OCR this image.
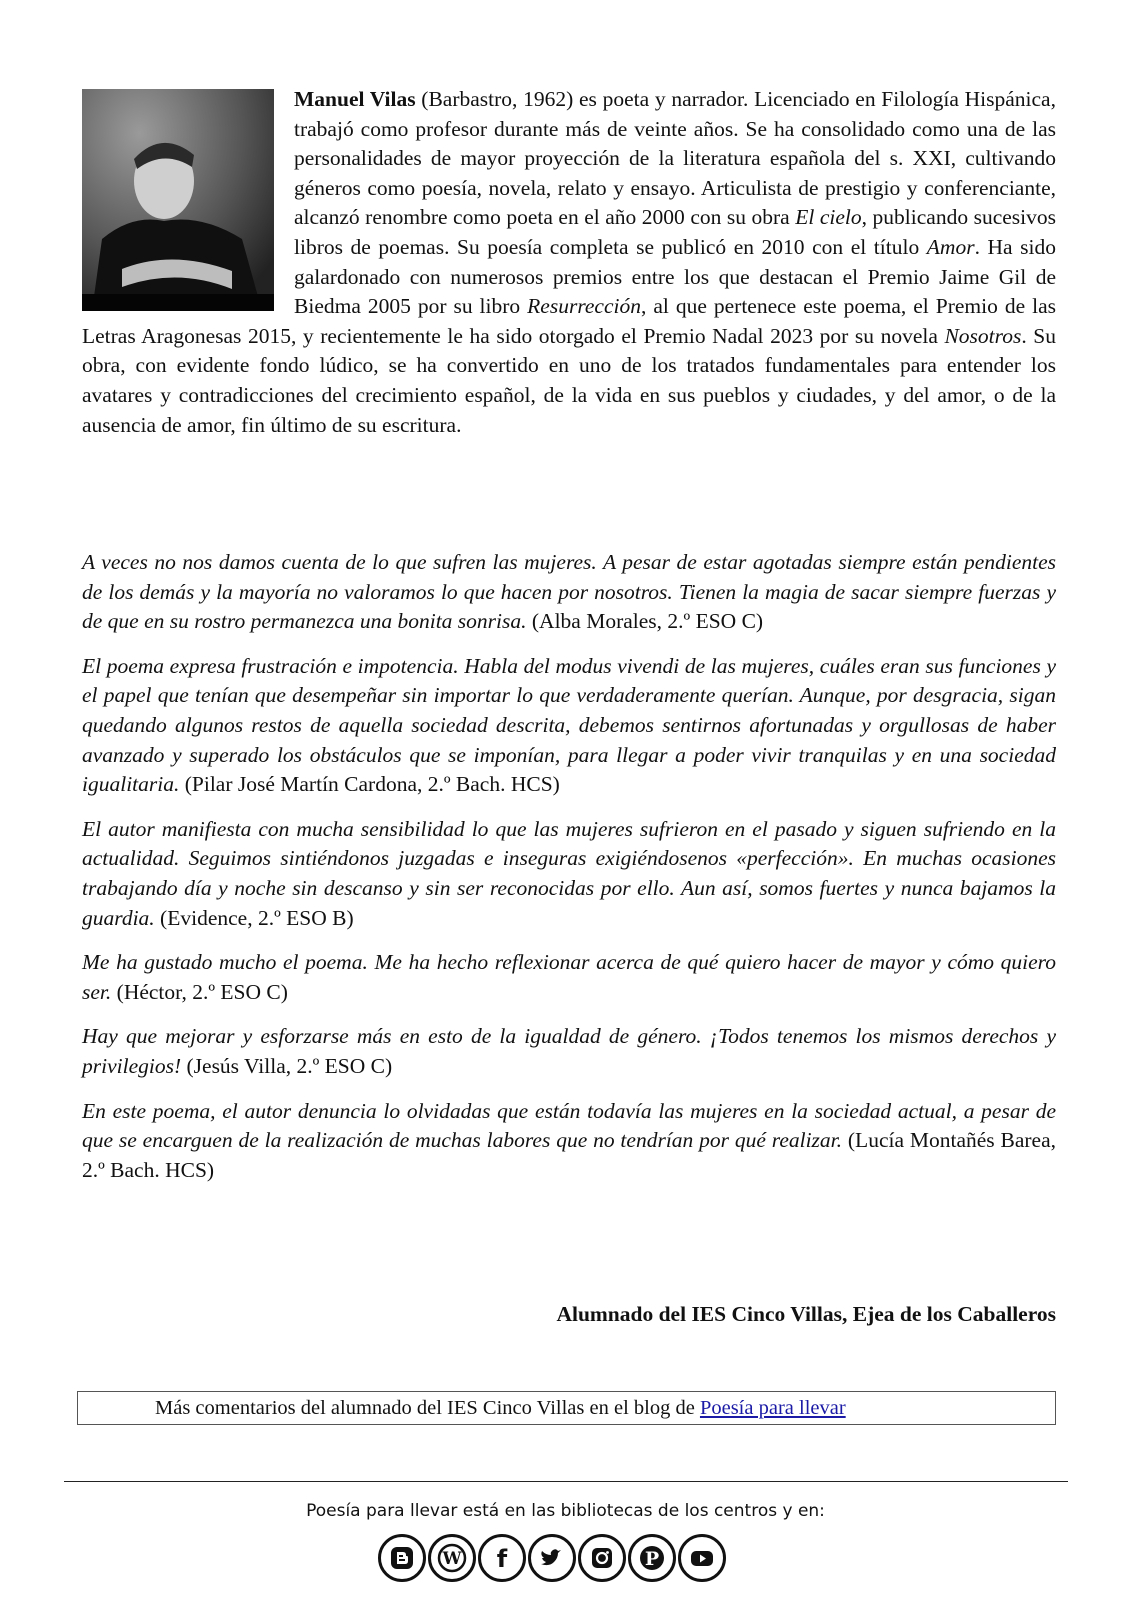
Manuel Vilas (Barbastro, 1962) es poeta y narrador. Licenciado en Filología Hispánica, trabajó como profesor durante más de veinte años. Se ha consolidado como una de las personalidades de mayor proyección de la literatura española del s. XXI, cultivando géneros como poesía, novela, relato y ensayo. Articulista de prestigio y conferenciante, alcanzó renombre como poeta en el año 2000 con su obra El cielo, publicando sucesivos libros de poemas. Su poesía completa se publicó en 2010 con el título Amor. Ha sido galardonado con numerosos premios entre los que destacan el Premio Jaime Gil de Biedma 2005 por su libro Resurrección, al que pertenece este poema, el Premio de las Letras Aragonesas 2015, y recientemente le ha sido otorgado el Premio Nadal 2023 por su novela Nosotros. Su obra, con evidente fondo lúdico, se ha convertido en uno de los tratados fundamentales para entender los avatares y contradicciones del crecimiento español, de la vida en sus pueblos y ciudades, y del amor, o de la ausencia de amor, fin último de su escritura.

A veces no nos damos cuenta de lo que sufren las mujeres. A pesar de estar agotadas siempre están pendientes de los demás y la mayoría no valoramos lo que hacen por nosotros. Tienen la magia de sacar siempre fuerzas y de que en su rostro permanezca una bonita sonrisa. (Alba Morales, 2.º ESO C)

El poema expresa frustración e impotencia. Habla del modus vivendi de las mujeres, cuáles eran sus funciones y el papel que tenían que desempeñar sin importar lo que verdaderamente querían. Aunque, por desgracia, sigan quedando algunos restos de aquella sociedad descrita, debemos sentirnos afortunadas y orgullosas de haber avanzado y superado los obstáculos que se imponían, para llegar a poder vivir tranquilas y en una sociedad igualitaria. (Pilar José Martín Cardona, 2.º Bach. HCS)

El autor manifiesta con mucha sensibilidad lo que las mujeres sufrieron en el pasado y siguen sufriendo en la actualidad. Seguimos sintiéndonos juzgadas e inseguras exigiéndosenos «perfección». En muchas ocasiones trabajando día y noche sin descanso y sin ser reconocidas por ello. Aun así, somos fuertes y nunca bajamos la guardia. (Evidence, 2.º ESO B)

Me ha gustado mucho el poema. Me ha hecho reflexionar acerca de qué quiero hacer de mayor y cómo quiero ser. (Héctor, 2.º ESO C)

Hay que mejorar y esforzarse más en esto de la igualdad de género. ¡Todos tenemos los mismos derechos y privilegios! (Jesús Villa, 2.º ESO C)

En este poema, el autor denuncia lo olvidadas que están todavía las mujeres en la sociedad actual, a pesar de que se encarguen de la realización de muchas labores que no tendrían por qué realizar. (Lucía Montañés Barea, 2.º Bach. HCS)

Alumnado del IES Cinco Villas, Ejea de los Caballeros
Más comentarios del alumnado del IES Cinco Villas en el blog de Poesía para llevar
Poesía para llevar está en las bibliotecas de los centros y en:
W f	P
